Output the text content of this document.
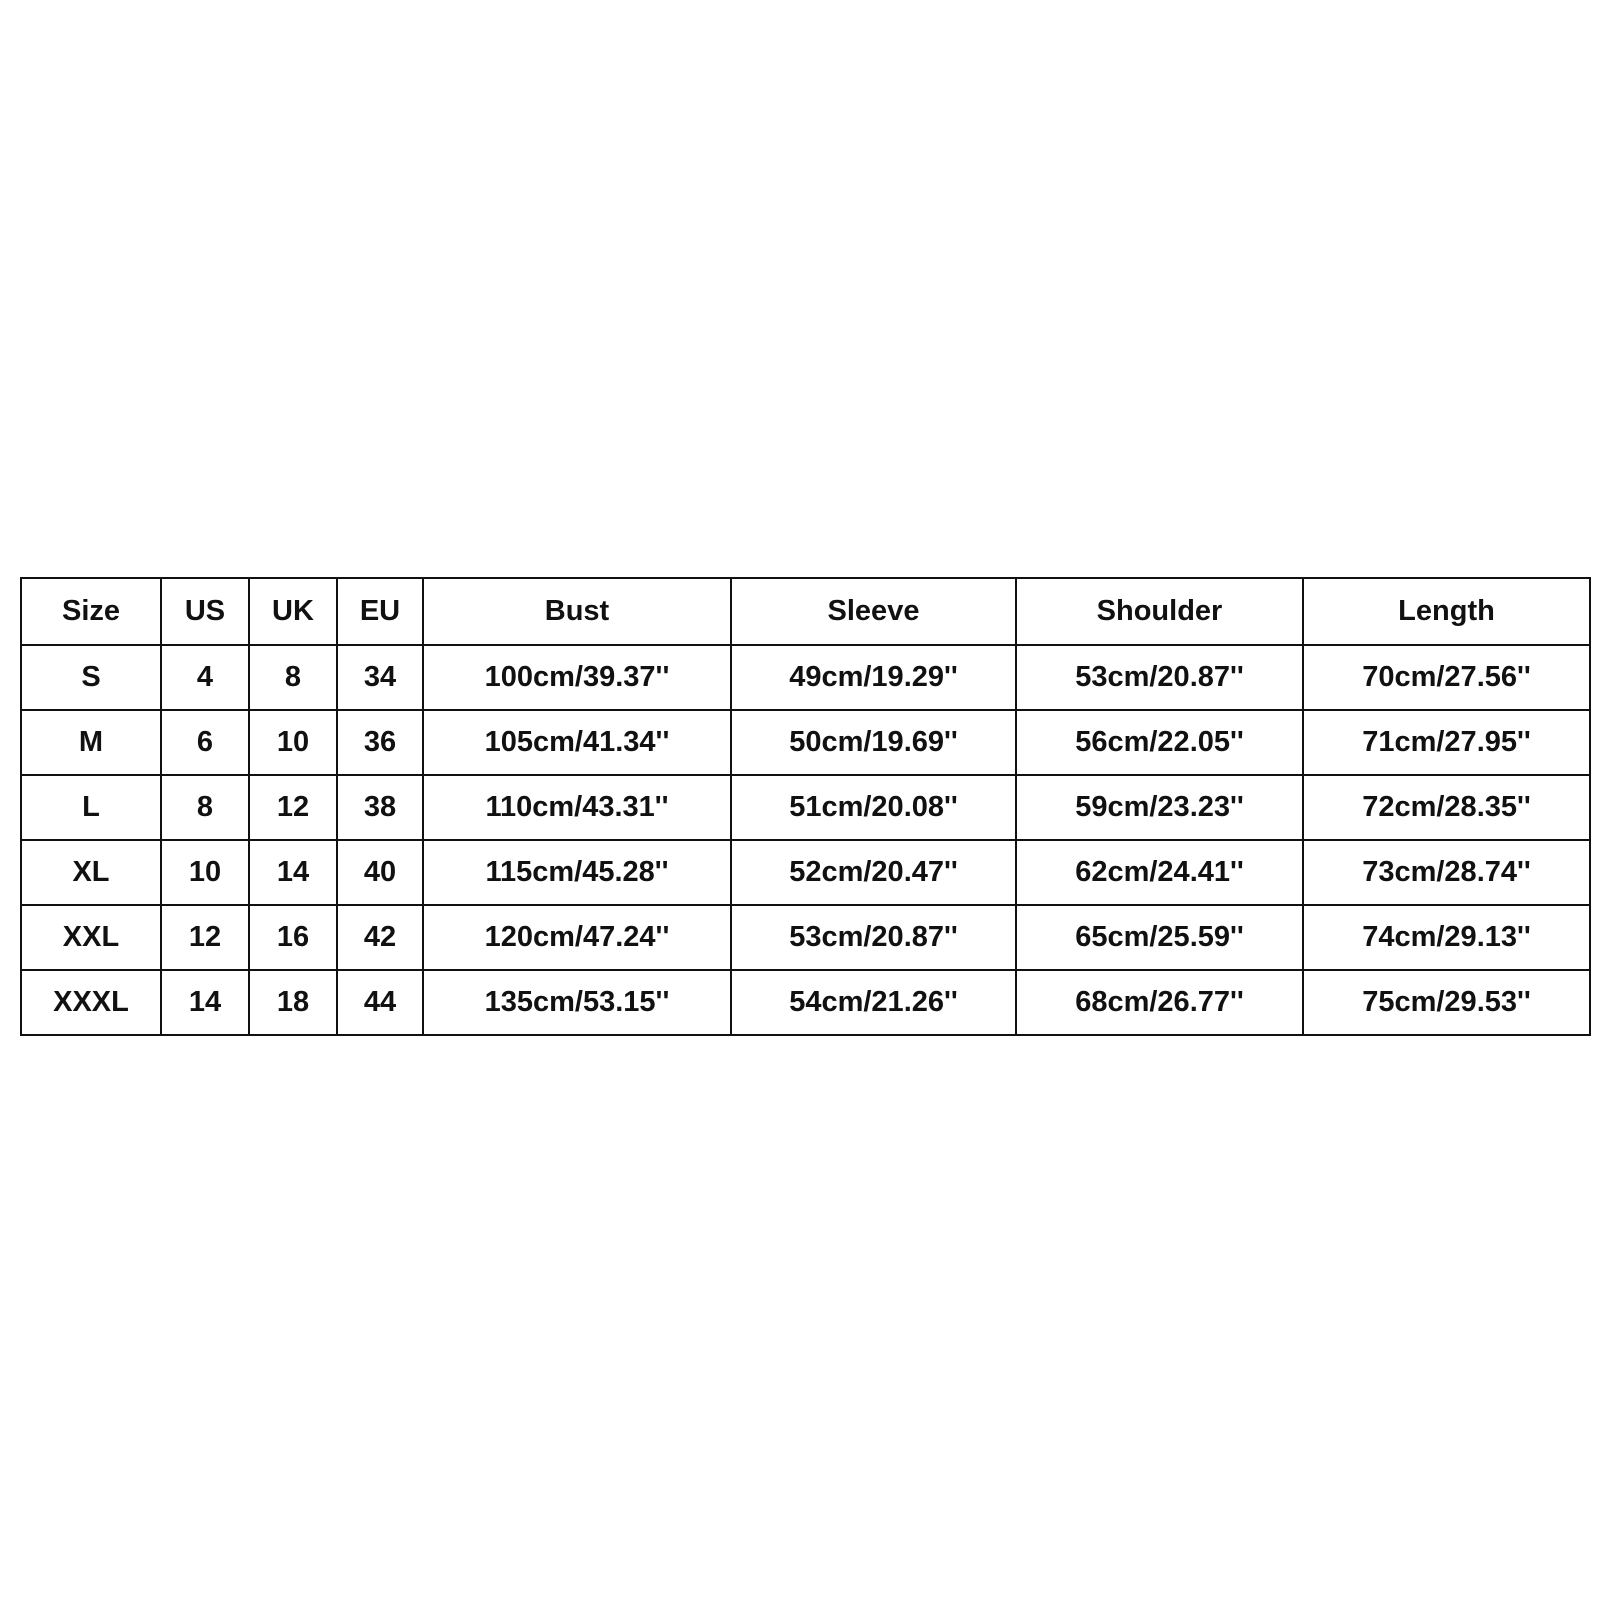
Size	US	UK	EU	Bust	Sleeve	Shoulder	Length
S	4	8	34	100cm/39.37''	49cm/19.29''	53cm/20.87''	70cm/27.56''
M	6	10	36	105cm/41.34''	50cm/19.69''	56cm/22.05''	71cm/27.95''
L	8	12	38	110cm/43.31''	51cm/20.08''	59cm/23.23''	72cm/28.35''
XL	10	14	40	115cm/45.28''	52cm/20.47''	62cm/24.41''	73cm/28.74''
XXL	12	16	42	120cm/47.24''	53cm/20.87''	65cm/25.59''	74cm/29.13''
XXXL	14	18	44	135cm/53.15''	54cm/21.26''	68cm/26.77''	75cm/29.53''
